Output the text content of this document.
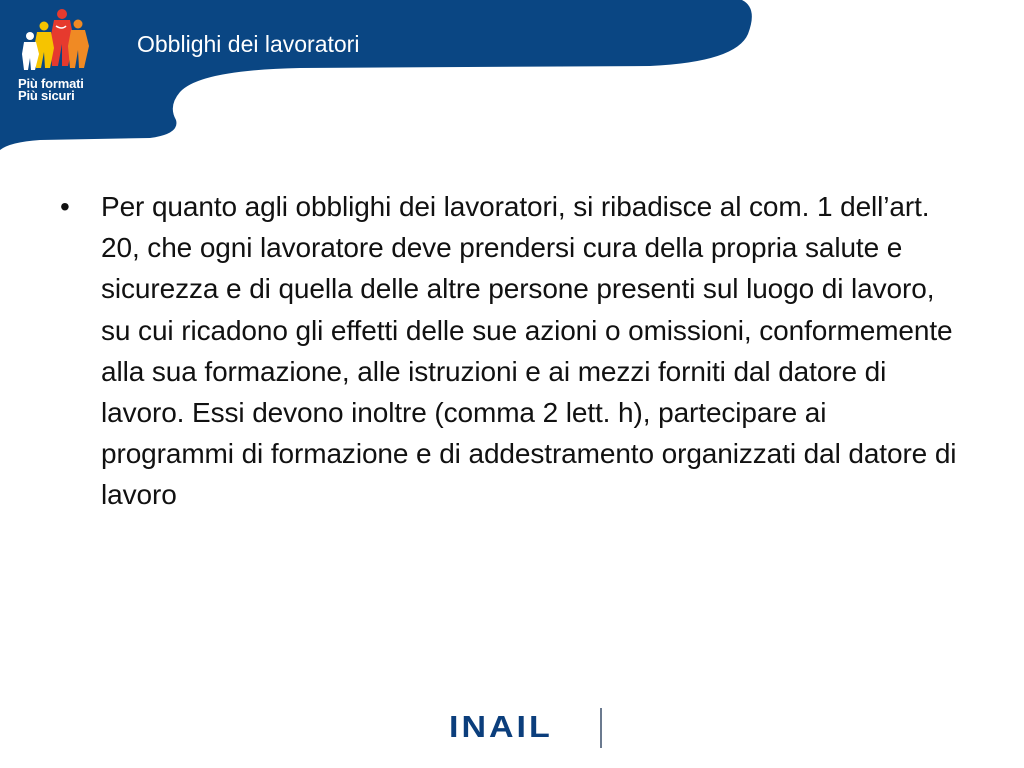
Più formati
Più sicuri
Obblighi dei lavoratori
• Per quanto agli obblighi dei lavoratori, si ribadisce al com. 1 dell’art. 20, che ogni lavoratore deve prendersi cura della propria salute e sicurezza e di quella delle altre persone presenti sul luogo di lavoro, su cui ricadono gli effetti delle sue azioni o omissioni, conformemente alla sua formazione, alle istruzioni e ai mezzi forniti dal datore di lavoro. Essi devono inoltre (comma 2 lett. h), partecipare ai programmi di formazione e di addestramento organizzati dal datore di lavoro
INAIL
